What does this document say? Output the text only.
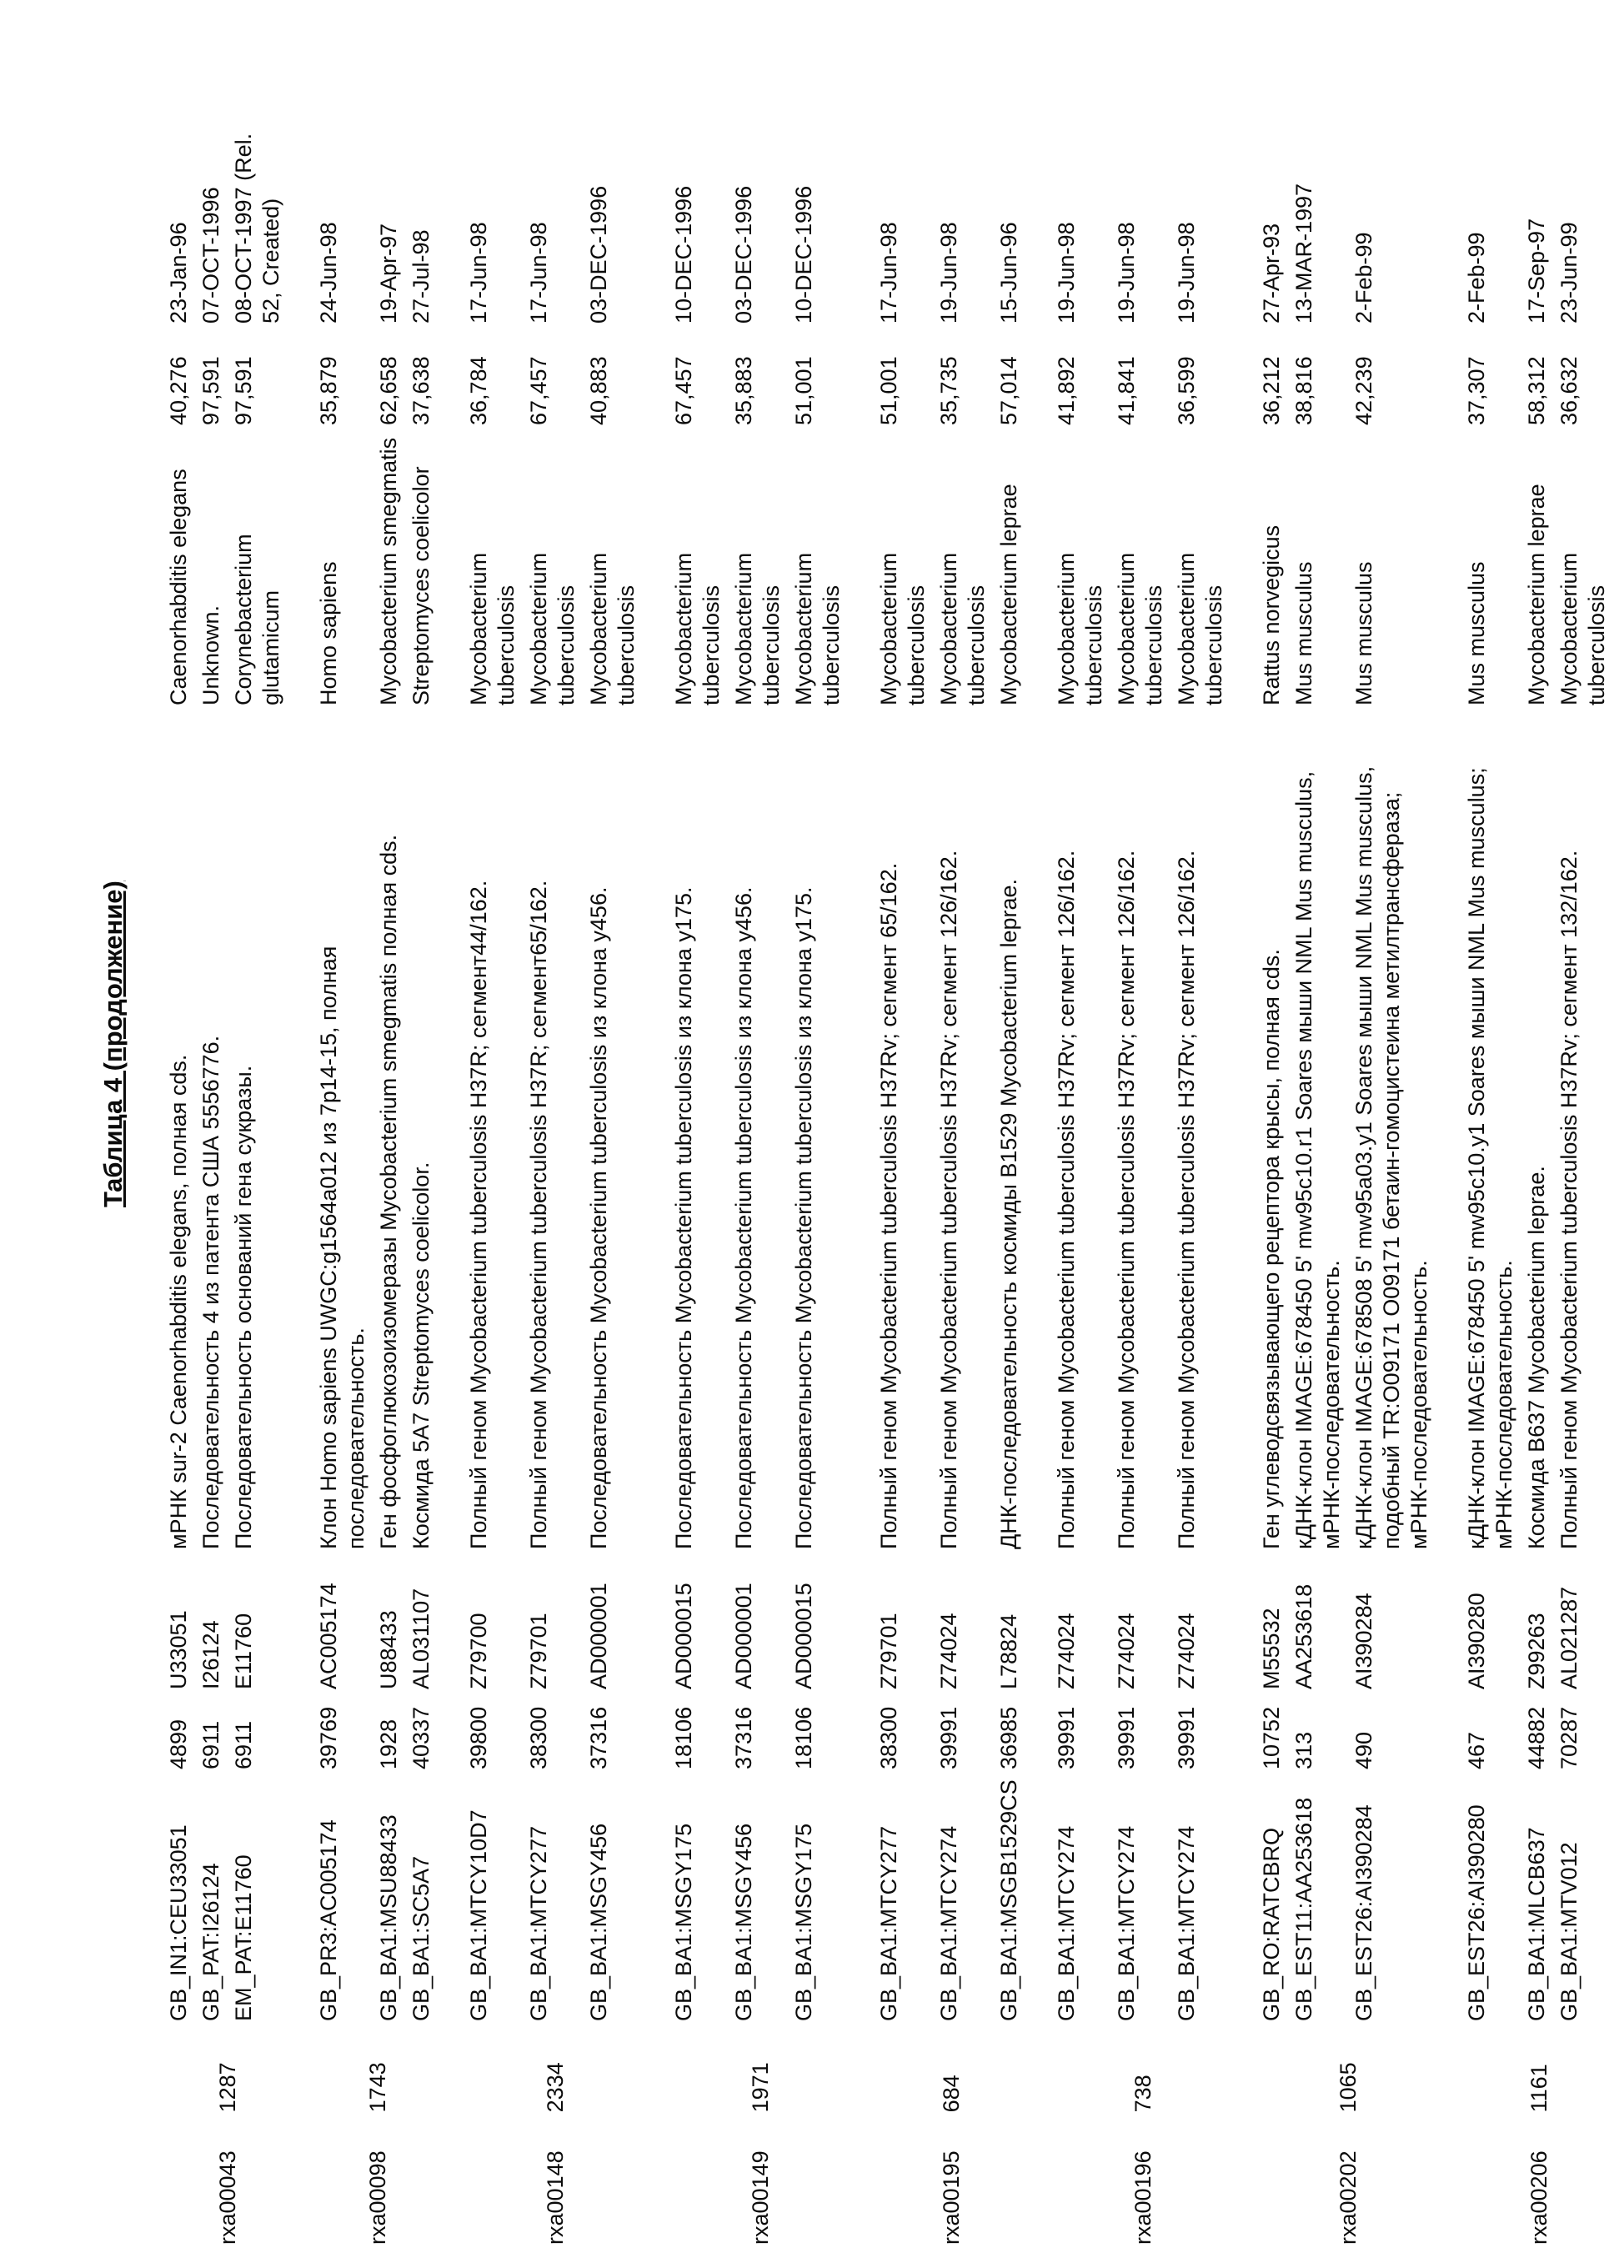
Таблица 4 (продолжение)
rxa00043
1287
GB_IN1:CEU33051
4899
U33051
мРНК sur-2 Caenorhabditis elegans, полная cds.
Caenorhabditis elegans
40,276
23-Jan-96
GB_PAT:I26124
6911
I26124
Последовательность 4 из патента США 5556776.
Unknown.
97,591
07-OCT-1996
EM_PAT:E11760
6911
E11760
Последовательность оснований гена сукразы.
Corynebacterium glutamicum
97,591
08-OCT-1997 (Rel. 52, Created)
rxa00098
1743
GB_PR3:AC005174
39769
AC005174
Клон Homo sapiens UWGC:g1564a012 из 7p14-15, полная последовательность.
Homo sapiens
35,879
24-Jun-98
GB_BA1:MSU88433
1928
U88433
Ген фосфоглюкозоизомеразы Mycobacterium smegmatis полная cds.
Mycobacterium smegmatis
62,658
19-Apr-97
GB_BA1:SC5A7
40337
AL031107
Космида 5А7 Streptomyces coelicolor.
Streptomyces coelicolor
37,638
27-Jul-98
rxa00148
2334
GB_BA1:MTCY10D7
39800
Z79700
Полный геном Mycobacterium tuberculosis H37R; сегмент44/162.
Mycobacterium tuberculosis
36,784
17-Jun-98
GB_BA1:MTCY277
38300
Z79701
Полный геном Mycobacterium tuberculosis H37R; сегмент65/162.
Mycobacterium tuberculosis
67,457
17-Jun-98
GB_BA1:MSGY456
37316
AD000001
Последовательность Mycobacterium tuberculosis из клона y456.
Mycobacterium tuberculosis
40,883
03-DEC-1996
rxa00149
1971
GB_BA1:MSGY175
18106
AD000015
Последовательность Mycobacterium tuberculosis из клона y175.
Mycobacterium tuberculosis
67,457
10-DEC-1996
GB_BA1:MSGY456
37316
AD000001
Последовательность Mycobacterium tuberculosis из клона y456.
Mycobacterium tuberculosis
35,883
03-DEC-1996
GB_BA1:MSGY175
18106
AD000015
Последовательность Mycobacterium tuberculosis из клона y175.
Mycobacterium tuberculosis
51,001
10-DEC-1996
rxa00195
684
GB_BA1:MTCY277
38300
Z79701
Полный геном Mycobacterium tuberculosis H37Rv; сегмент 65/162.
Mycobacterium tuberculosis
51,001
17-Jun-98
GB_BA1:MTCY274
39991
Z74024
Полный геном Mycobacterium tuberculosis H37Rv; сегмент 126/162.
Mycobacterium tuberculosis
35,735
19-Jun-98
GB_BA1:MSGB1529CS
36985
L78824
ДНК-последовательность космиды B1529 Mycobacterium leprae.
Mycobacterium leprae
57,014
15-Jun-96
rxa00196
738
GB_BA1:MTCY274
39991
Z74024
Полный геном Mycobacterium tuberculosis H37Rv; сегмент 126/162.
Mycobacterium tuberculosis
41,892
19-Jun-98
GB_BA1:MTCY274
39991
Z74024
Полный геном Mycobacterium tuberculosis H37Rv; сегмент 126/162.
Mycobacterium tuberculosis
41,841
19-Jun-98
GB_BA1:MTCY274
39991
Z74024
Полный геном Mycobacterium tuberculosis H37Rv; сегмент 126/162.
Mycobacterium tuberculosis
36,599
19-Jun-98
rxa00202
1065
GB_RO:RATCBRQ
10752
M55532
Ген углеводсвязывающего рецептора крысы, полная cds.
Rattus norvegicus
36,212
27-Apr-93
GB_EST11:AA253618
313
AA253618
кДНК-клон IMAGE:678450 5' mw95c10.r1 Soares мыши NML Mus musculus, мРНК-последовательность.
Mus musculus
38,816
13-MAR-1997
GB_EST26:AI390284
490
AI390284
кДНК-клон IMAGE:678508 5' mw95a03.y1 Soares мыши NML Mus musculus, подобный TR:O09171 O09171 бетаин-гомоцистеина метилтрансфераза; мРНК-последовательность.
Mus musculus
42,239
2-Feb-99
rxa00206
1161
GB_EST26:AI390280
467
AI390280
кДНК-клон IMAGE:678450 5' mw95c10.y1 Soares мыши NML Mus musculus; мРНК-последовательность.
Mus musculus
37,307
2-Feb-99
GB_BA1:MLCB637
44882
Z99263
Космида B637 Mycobacterium leprae.
Mycobacterium leprae
58,312
17-Sep-97
GB_BA1:MTV012
70287
AL021287
Полный геном Mycobacterium tuberculosis H37Rv; сегмент 132/162.
Mycobacterium tuberculosis
36,632
23-Jun-99
